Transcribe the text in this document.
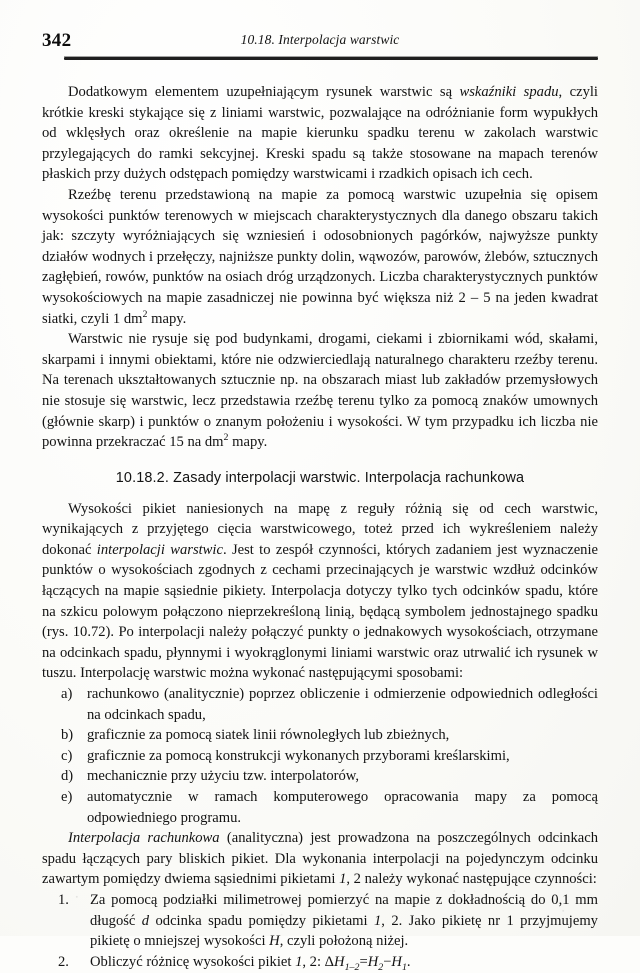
342	10.18. Interpolacja warstwic

Dodatkowym elementem uzupełniającym rysunek warstwic są wskaźniki spadu, czyli krótkie kreski stykające się z liniami warstwic, pozwalające na odróżnianie form wypukłych od wklęsłych oraz określenie na mapie kierunku spadku terenu w zakolach warstwic przylegających do ramki sekcyjnej. Kreski spadu są także stosowane na mapach terenów płaskich przy dużych odstępach pomiędzy warstwicami i rzadkich opisach ich cech.

Rzeźbę terenu przedstawioną na mapie za pomocą warstwic uzupełnia się opisem wysokości punktów terenowych w miejscach charakterystycznych dla danego obszaru takich jak: szczyty wyróżniających się wzniesień i odosobnionych pagórków, najwyższe punkty działów wodnych i przełęczy, najniższe punkty dolin, wąwozów, parowów, żlebów, sztucznych zagłębień, rowów, punktów na osiach dróg urządzonych. Liczba charakterystycznych punktów wysokościowych na mapie zasadniczej nie powinna być większa niż 2 – 5 na jeden kwadrat siatki, czyli 1 $dm^2$ mapy.

Warstwic nie rysuje się pod budynkami, drogami, ciekami i zbiornikami wód, skałami, skarpami i innymi obiektami, które nie odzwierciedlają naturalnego charakteru rzeźby terenu. Na terenach ukształtowanych sztucznie np. na obszarach miast lub zakładów przemysłowych nie stosuje się warstwic, lecz przedstawia rzeźbę terenu tylko za pomocą znaków umownych (głównie skarp) i punktów o znanym położeniu i wysokości. W tym przypadku ich liczba nie powinna przekraczać 15 na $dm^2$ mapy.

10.18.2. Zasady interpolacji warstwic. Interpolacja rachunkowa

Wysokości pikiet naniesionych na mapę z reguły różnią się od cech warstwic, wynikających z przyjętego cięcia warstwicowego, toteż przed ich wykreśleniem należy dokonać interpolacji warstwic. Jest to zespół czynności, których zadaniem jest wyznaczenie punktów o wysokościach zgodnych z cechami przecinających je warstwic wzdłuż odcinków łączących na mapie sąsiednie pikiety. Interpolacja dotyczy tylko tych odcinków spadu, które na szkicu polowym połączono nieprzekreśloną linią, będącą symbolem jednostajnego spadku (rys. 10.72). Po interpolacji należy połączyć punkty o jednakowych wysokościach, otrzymane na odcinkach spadu, płynnymi i wyokrąglonymi liniami warstwic oraz utrwalić ich rysunek w tuszu. Interpolację warstwic można wykonać następującymi sposobami:

a)	rachunkowo (analitycznie) poprzez obliczenie i odmierzenie odpowiednich odległości na odcinkach spadu,
b) graficznie za pomocą siatek linii równoległych lub zbieżnych,
c)	graficznie za pomocą konstrukcji wykonanych przyborami kreślarskimi,
d) mechanicznie przy użyciu tzw. interpolatorów,
e)	automatycznie w ramach komputerowego opracowania mapy za pomocą odpowiedniego programu.

Interpolacja rachunkowa (analityczna) jest prowadzona na poszczególnych odcinkach spadu łączących pary bliskich pikiet. Dla wykonania interpolacji na pojedynczym odcinku zawartym pomiędzy dwiema sąsiednimi pikietami 1, 2 należy wykonać następujące czynności:

1.	Za pomocą podziałki milimetrowej pomierzyć na mapie z dokładnością do 0,1 mm długość d odcinka spadu pomiędzy pikietami 1, 2. Jako pikietę nr 1 przyjmujemy pikietę o mniejszej wysokości H, czyli położoną niżej.
2.	Obliczyć różnicę wysokości pikiet 1, 2: $\Delta H_{1-2}=H_2-H_1$.
